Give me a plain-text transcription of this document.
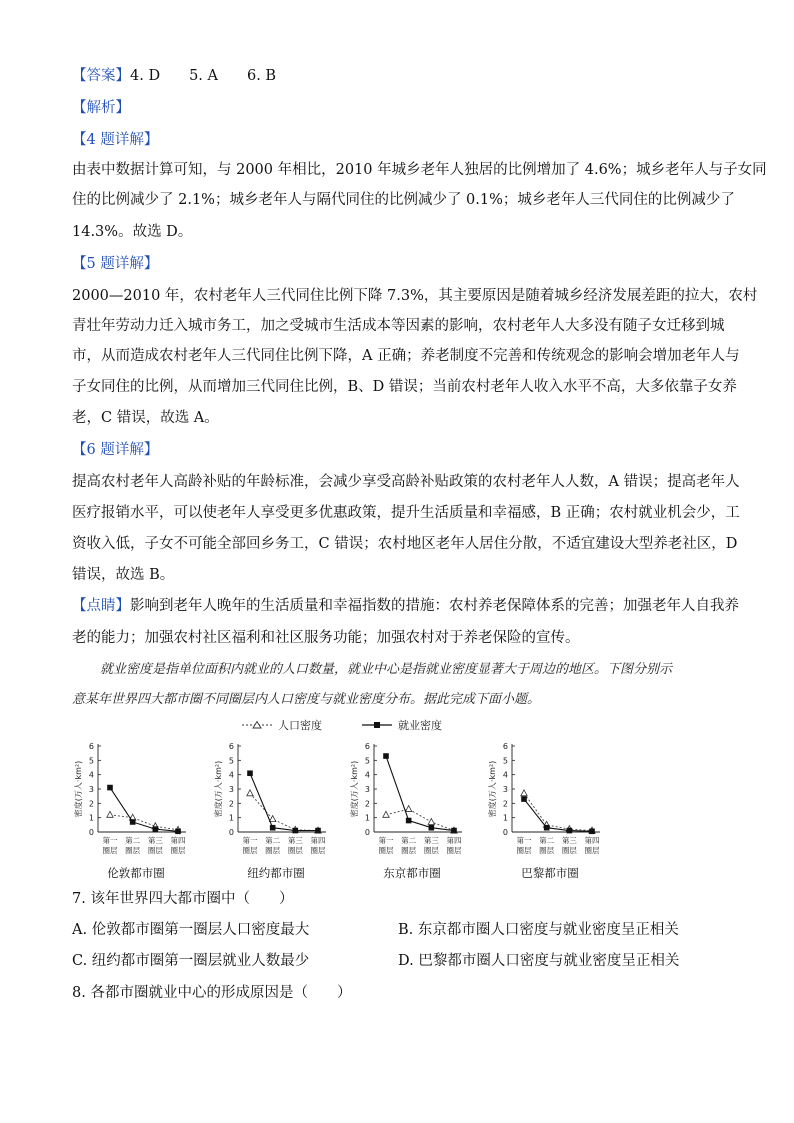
【答案】4. D　　5. A　　6. B
【解析】
【4 题详解】
由表中数据计算可知，与 2000 年相比，2010 年城乡老年人独居的比例增加了 4.6%；城乡老年人与子女同
住的比例减少了 2.1%；城乡老年人与隔代同住的比例减少了 0.1%；城乡老年人三代同住的比例减少了
14.3%。故选 D。
【5 题详解】
2000—2010 年，农村老年人三代同住比例下降 7.3%，其主要原因是随着城乡经济发展差距的拉大，农村
青壮年劳动力迁入城市务工，加之受城市生活成本等因素的影响，农村老年人大多没有随子女迁移到城
市，从而造成农村老年人三代同住比例下降，A 正确；养老制度不完善和传统观念的影响会增加老年人与
子女同住的比例，从而增加三代同住比例，B、D 错误；当前农村老年人收入水平不高，大多依靠子女养
老，C 错误，故选 A。
【6 题详解】
提高农村老年人高龄补贴的年龄标准，会减少享受高龄补贴政策的农村老年人人数，A 错误；提高老年人
医疗报销水平，可以使老年人享受更多优惠政策，提升生活质量和幸福感，B 正确；农村就业机会少，工
资收入低，子女不可能全部回乡务工，C 错误；农村地区老年人居住分散，不适宜建设大型养老社区，D
错误，故选 B。
【点睛】影响到老年人晚年的生活质量和幸福指数的措施：农村养老保障体系的完善；加强老年人自我养
老的能力；加强农村社区福利和社区服务功能；加强农村对于养老保险的宣传。
就业密度是指单位面积内就业的人口数量，就业中心是指就业密度显著大于周边的地区。下图分别示
意某年世界四大都市圈不同圈层内人口密度与就业密度分布。据此完成下面小题。
人口密度	就业密度
0
1
2
3
4
5
6
密度(万人·km²)
第一
圈层
第二
圈层
第三
圈层
第四
圈层
伦敦都市圈
0
1
2
3
4
5
6
密度(万人·km²)
第一
圈层
第二
圈层
第三
圈层
第四
圈层
纽约都市圈
0
1
2
3
4
5
6
密度(万人·km²)
第一
圈层
第二
圈层
第三
圈层
第四
圈层
东京都市圈
0
1
2
3
4
5
6
密度(万人·km²)
第一
圈层
第二
圈层
第三
圈层
第四
圈层
巴黎都市圈
7. 该年世界四大都市圈中（　　）
A. 伦敦都市圈第一圈层人口密度最大	B. 东京都市圈人口密度与就业密度呈正相关
C. 纽约都市圈第一圈层就业人数最少	D. 巴黎都市圈人口密度与就业密度呈正相关
8. 各都市圈就业中心的形成原因是（　　）
